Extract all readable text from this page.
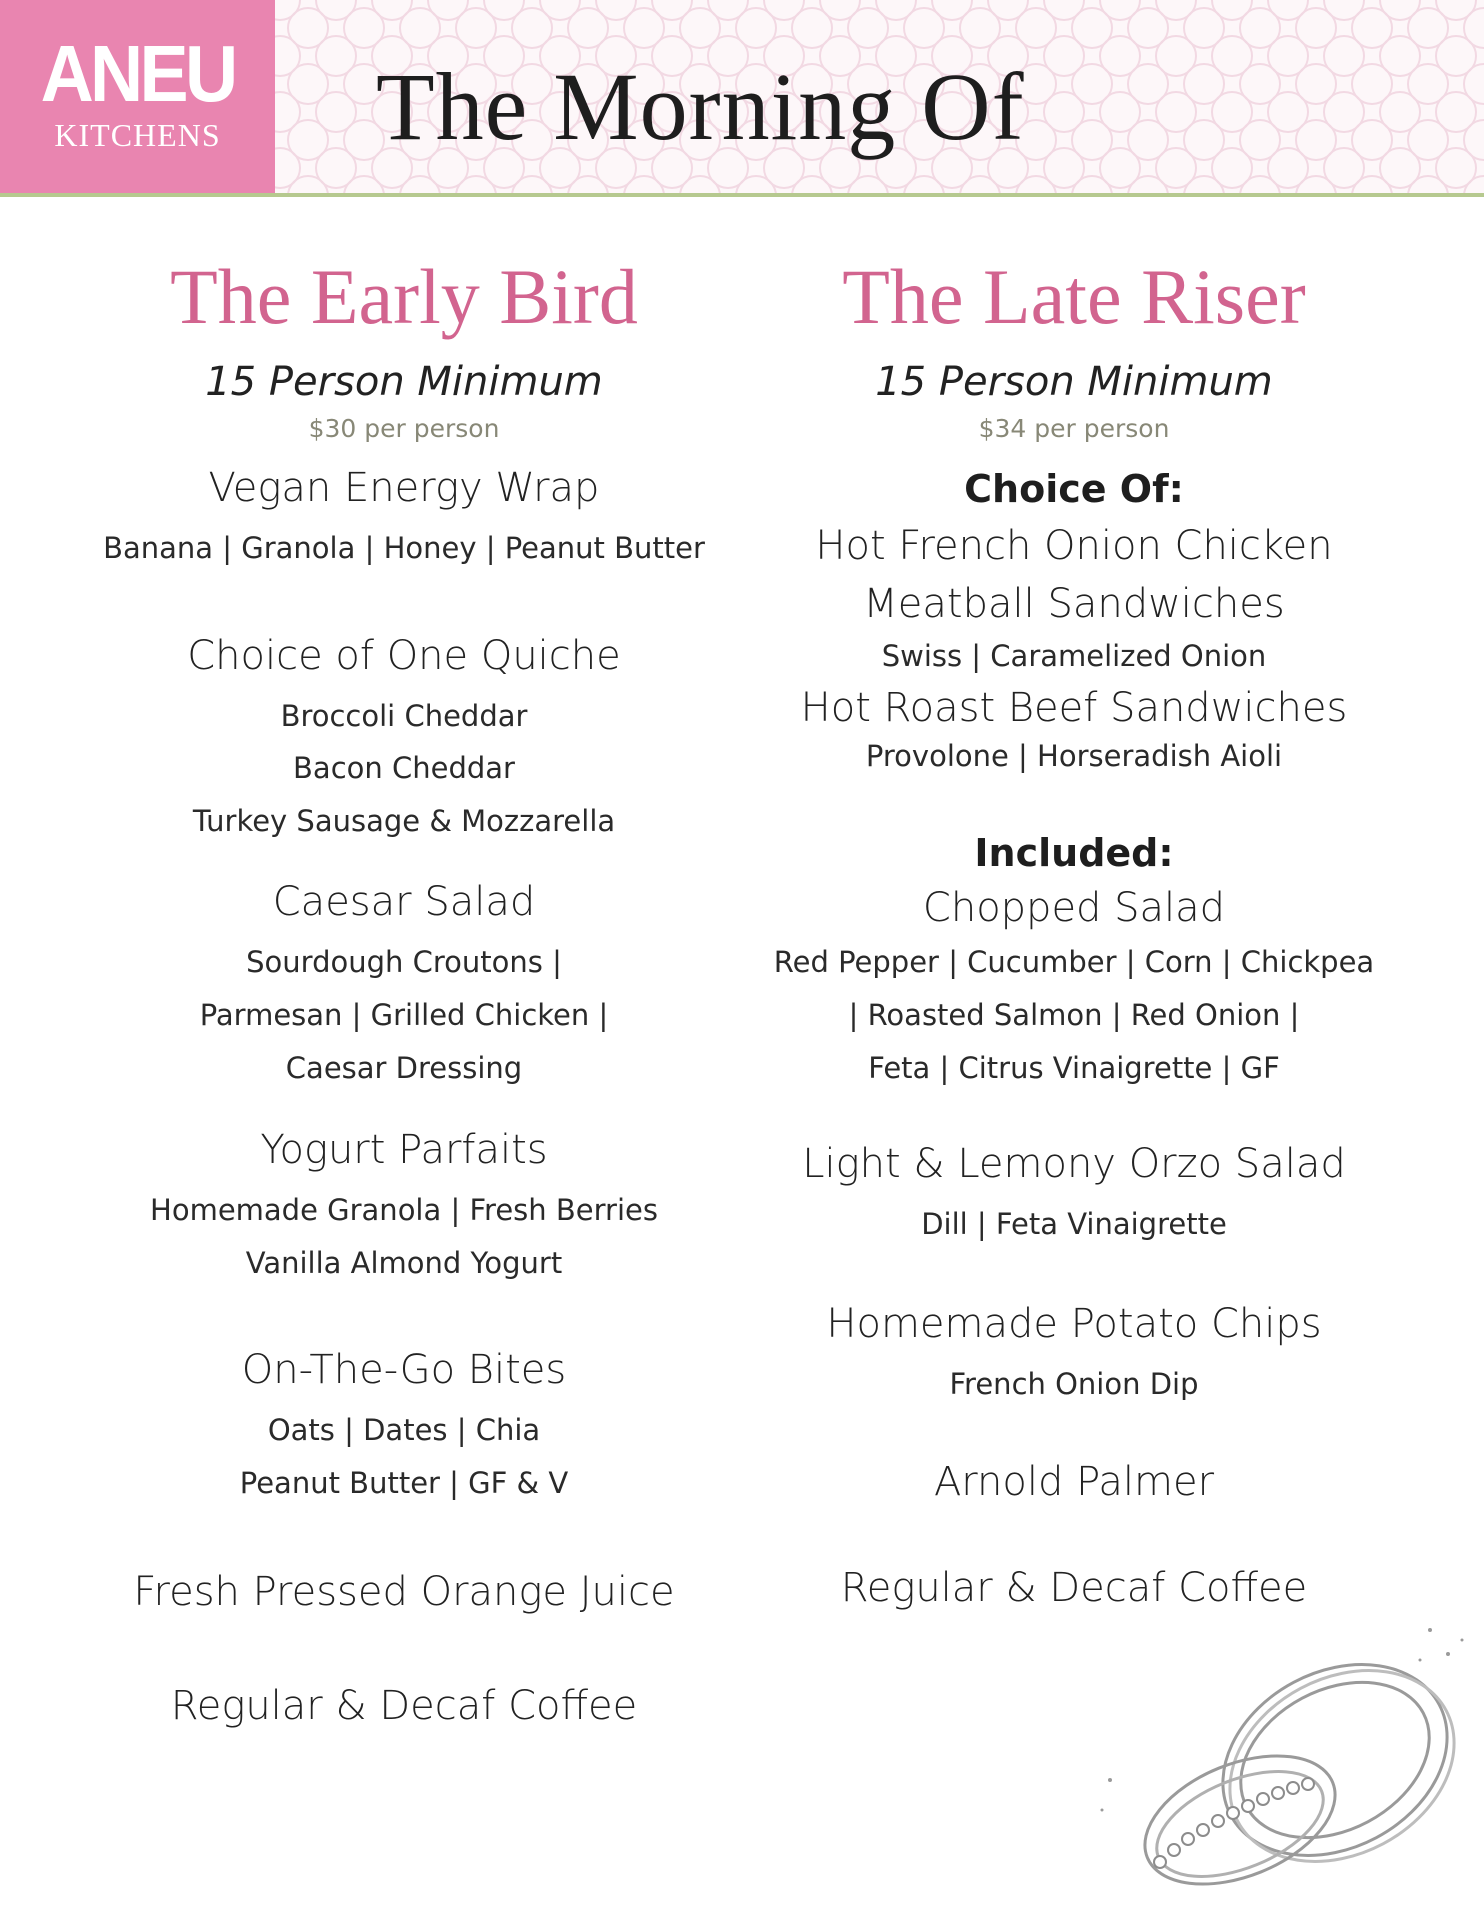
ANEU
KITCHENS	The Morning Of
The Early Bird
15 Person Minimum
$30 per person
Vegan Energy Wrap
Banana | Granola | Honey | Peanut Butter
Choice of One Quiche
Broccoli Cheddar
Bacon Cheddar
Turkey Sausage & Mozzarella
Caesar Salad
Sourdough Croutons |
Parmesan | Grilled Chicken |
Caesar Dressing
Yogurt Parfaits
Homemade Granola | Fresh Berries
Vanilla Almond Yogurt
On-The-Go Bites
Oats | Dates | Chia
Peanut Butter | GF & V
Fresh Pressed Orange Juice
Regular & Decaf Coffee
The Late Riser
15 Person Minimum
$34 per person
Choice Of:
Hot French Onion Chicken
Meatball Sandwiches
Swiss | Caramelized Onion
Hot Roast Beef Sandwiches
Provolone | Horseradish Aioli
Included:
Chopped Salad
Red Pepper | Cucumber | Corn | Chickpea
| Roasted Salmon | Red Onion |
Feta | Citrus Vinaigrette | GF
Light & Lemony Orzo Salad
Dill | Feta Vinaigrette
Homemade Potato Chips
French Onion Dip
Arnold Palmer
Regular & Decaf Coffee
